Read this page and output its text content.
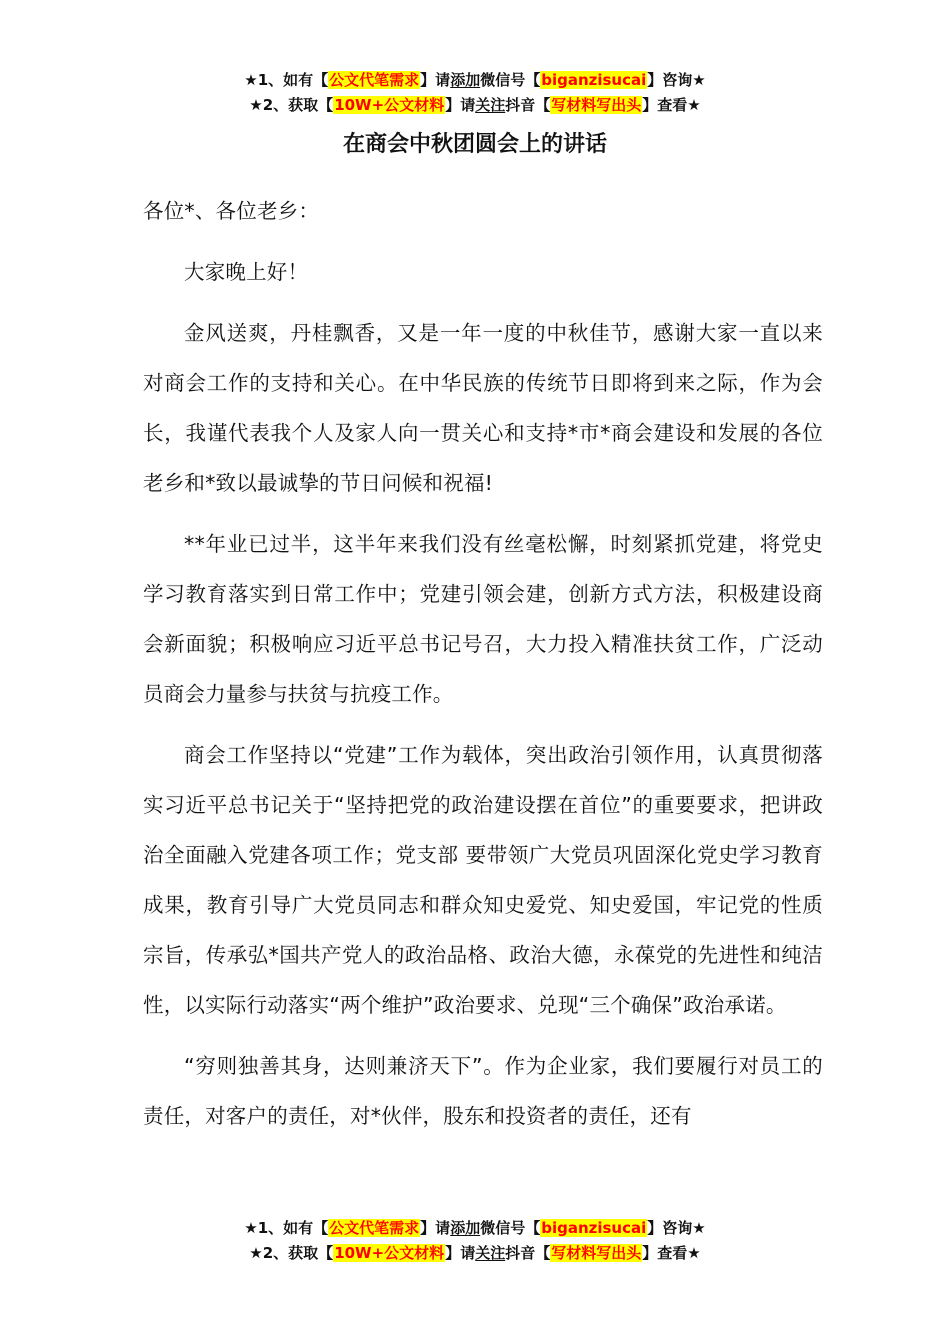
★1、如有【公文代笔需求】请添加微信号【biganzisucai】咨询★
★2、获取【10W+公文材料】请关注抖音【写材料写出头】查看★
在商会中秋团圆会上的讲话

各位*、各位老乡：

大家晚上好！

金风送爽，丹桂飘香，又是一年一度的中秋佳节，感谢大家一直以来对商会工作的支持和关心。在中华民族的传统节日即将到来之际，作为会长，我谨代表我个人及家人向一贯关心和支持*市*商会建设和发展的各位老乡和*致以最诚挚的节日问候和祝福!

**年业已过半，这半年来我们没有丝毫松懈，时刻紧抓党建，将党史学习教育落实到日常工作中；党建引领会建，创新方式方法，积极建设商会新面貌；积极响应习近平总书记号召，大力投入精准扶贫工作，广泛动员商会力量参与扶贫与抗疫工作。

商会工作坚持以“党建”工作为载体，突出政治引领作用，认真贯彻落实习近平总书记关于“坚持把党的政治建设摆在首位”的重要要求，把讲政治全面融入党建各项工作；党支部 要带领广大党员巩固深化党史学习教育成果，教育引导广大党员同志和群众知史爱党、知史爱国，牢记党的性质宗旨，传承弘*国共产党人的政治品格、政治大德，永葆党的先进性和纯洁性，以实际行动落实“两个维护”政治要求、兑现“三个确保”政治承诺。

“穷则独善其身，达则兼济天下”。作为企业家，我们要履行对员工的责任，对客户的责任，对*伙伴，股东和投资者的责任，还有

★1、如有【公文代笔需求】请添加微信号【biganzisucai】咨询★
★2、获取【10W+公文材料】请关注抖音【写材料写出头】查看★
